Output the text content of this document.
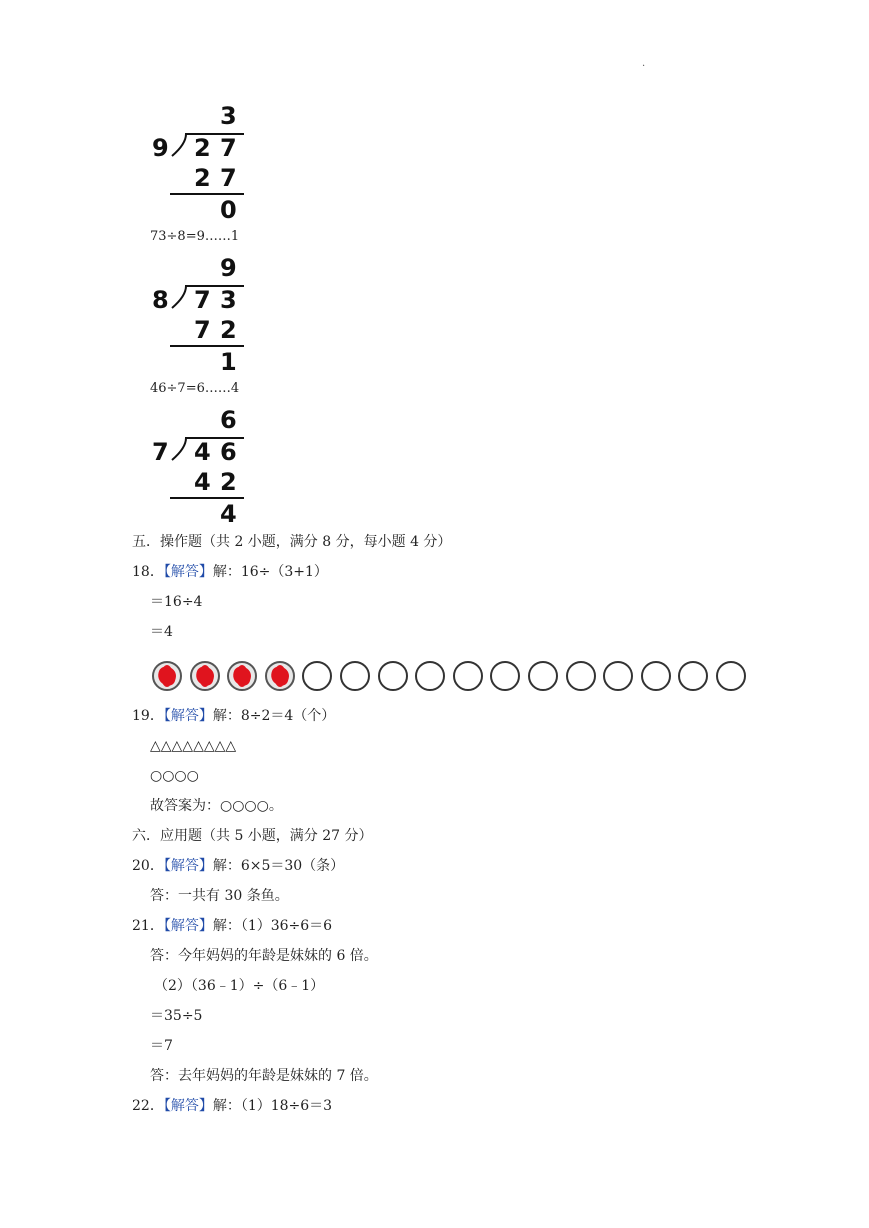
.
3
9 2 7
2 7
0
73÷8=9……1
9
8 7 3
7 2
1
46÷7=6……4
6
7 4 6
4 2
4
五．操作题（共 2 小题，满分 8 分，每小题 4 分）
18．【解答】解：16÷（3+1）
＝16÷4
＝4
19．【解答】解：8÷2＝4（个）
△△△△△△△△
○○○○
故答案为：○○○○。
六．应用题（共 5 小题，满分 27 分）
20．【解答】解：6×5＝30（条）
答：一共有 30 条鱼。
21．【解答】解：（1）36÷6＝6
答：今年妈妈的年龄是妹妹的 6 倍。
（2）（36﹣1）÷（6﹣1）
＝35÷5
＝7
答：去年妈妈的年龄是妹妹的 7 倍。
22．【解答】解：（1）18÷6＝3
